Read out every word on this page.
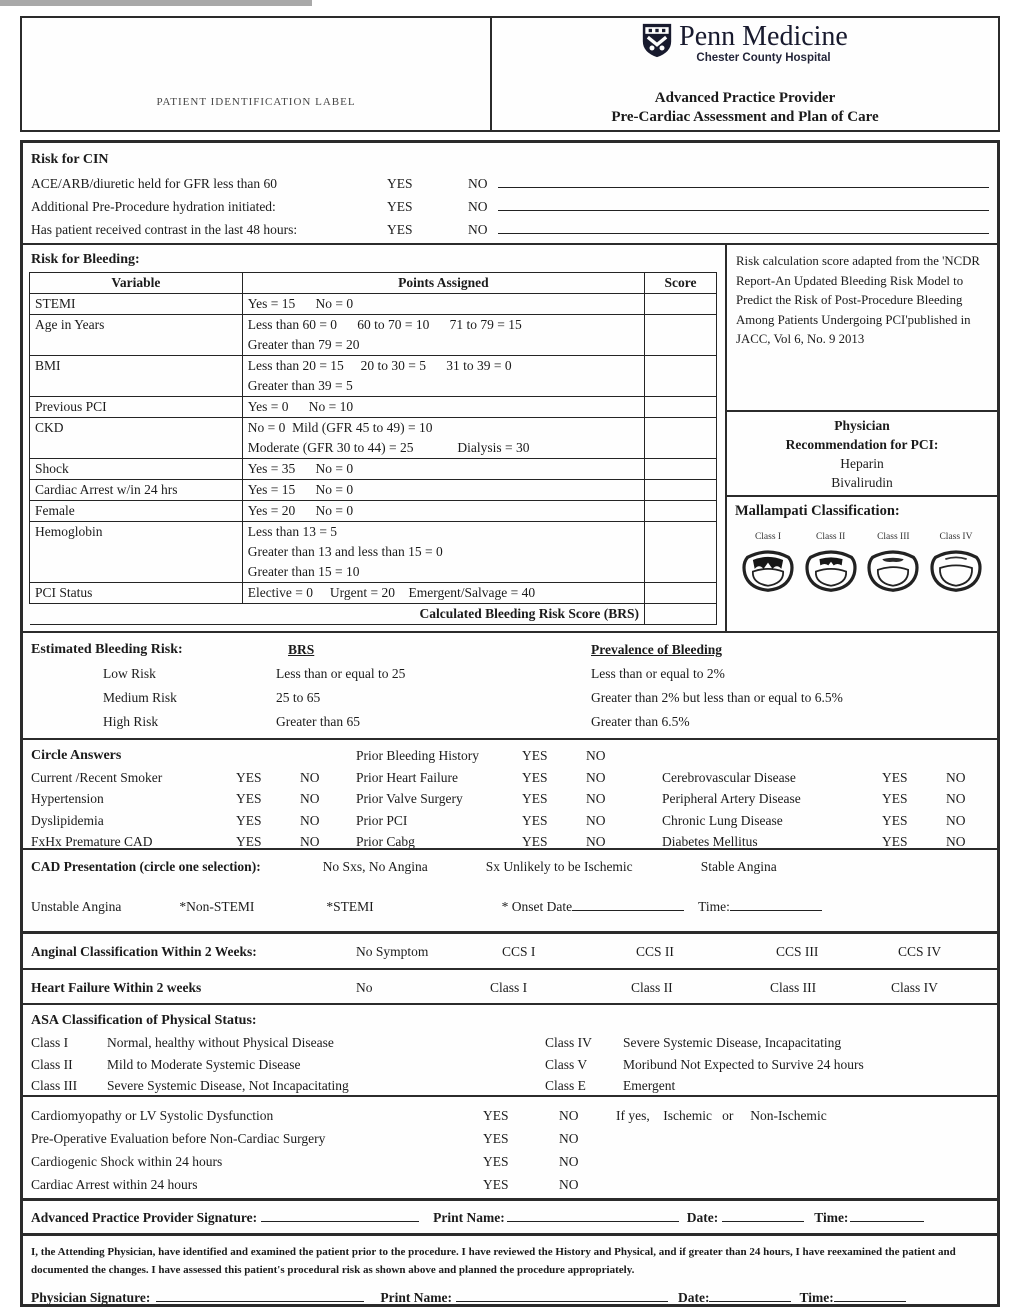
PATIENT IDENTIFICATION LABEL
Penn Medicine
Chester County Hospital
Advanced Practice Provider
Pre-Cardiac Assessment and Plan of Care
Risk for CIN
ACE/ARB/diuretic held for GFR less than 60	YES	NO
Additional Pre-Procedure hydration initiated:	YES	NO
Has patient received contrast in the last 48 hours:	YES	NO
Risk for Bleeding:
Variable	Points Assigned	Score
STEMI	Yes = 15      No = 0	

Age in Years	Less than 60 = 0      60 to 70 = 10      71 to 79 = 15
Greater than 79 = 20	

BMI	Less than 20 = 15     20 to 30 = 5      31 to 39 = 0
Greater than 39 = 5	

Previous PCI	Yes = 0      No = 10	

CKD	No = 0  Mild (GFR 45 to 49) = 10
Moderate (GFR 30 to 44) = 25             Dialysis = 30	

Shock	Yes = 35      No = 0	

Cardiac Arrest w/in 24 hrs	Yes = 15      No = 0	

Female	Yes = 20      No = 0	

Hemoglobin	Less than 13 = 5
Greater than 13 and less than 15 = 0
Greater than 15 = 10	

PCI Status	Elective = 0     Urgent = 20    Emergent/Salvage = 40	

Calculated Bleeding Risk Score (BRS)		
Risk calculation score adapted from the 'NCDR Report-An Updated Bleeding Risk Model to Predict the Risk of Post-Procedure Bleeding Among Patients Undergoing PCI'published in JACC, Vol 6, No. 9 2013
Physician
Recommendation for PCI:
Heparin
Bivalirudin
Mallampati Classification:
Class I	Class II	Class III	Class IV
Estimated Bleeding Risk:	BRS	Prevalence of Bleeding
Low Risk	Less than or equal to 25	Less than or equal to 2%
Medium Risk	25 to 65	Greater than 2% but less than or equal to 6.5%
High Risk	Greater than 65	Greater than 6.5%
Circle Answers	Prior Bleeding History	YES	NO
Current /Recent Smoker	YES	NO	Prior Heart Failure	YES	NO	Cerebrovascular Disease	YES	NO
Hypertension	YES	NO	Prior Valve Surgery	YES	NO	Peripheral Artery Disease	YES	NO
Dyslipidemia	YES	NO	Prior PCI	YES	NO	Chronic Lung Disease	YES	NO
FxHx Premature CAD	YES	NO	Prior Cabg	YES	NO	Diabetes Mellitus	YES	NO
CAD Presentation (circle one selection):	No Sxs, No Angina	Sx Unlikely to be Ischemic	Stable Angina
Unstable Angina	*Non-STEMI	*STEMI	* Onset Date	Time:
Anginal Classification Within 2 Weeks:	No Symptom	CCS I	CCS II	CCS III	CCS IV
Heart Failure Within 2 weeks	No	Class I	Class II	Class III	Class IV
ASA Classification of Physical Status:
Class I	Normal, healthy without Physical Disease	Class IV	Severe Systemic Disease, Incapacitating
Class II	Mild to Moderate Systemic Disease	Class V	Moribund Not Expected to Survive 24 hours
Class III	Severe Systemic Disease, Not Incapacitating	Class E	Emergent
Cardiomyopathy or LV Systolic Dysfunction	YES	NO	If yes,    Ischemic   or     Non-Ischemic
Pre-Operative Evaluation before Non-Cardiac Surgery	YES	NO
Cardiogenic Shock within 24 hours	YES	NO
Cardiac Arrest within 24 hours	YES	NO
Advanced Practice Provider Signature:	Print Name:	Date:	Time:
I, the Attending Physician, have identified and examined the patient prior to the procedure. I have reviewed the History and Physical, and if greater than 24 hours, I have reexamined the patient and documented the changes. I have assessed this patient's procedural risk as shown above and planned the procedure appropriately.
Physician Signature:	Print Name:	Date:	Time:
